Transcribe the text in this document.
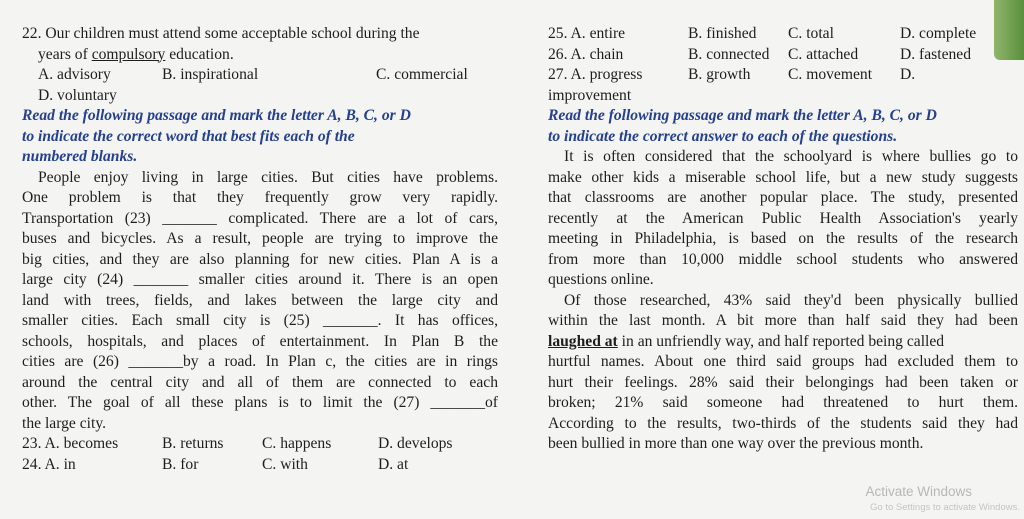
22. Our children must attend some acceptable school during the
years of compulsory education.
A. advisory	B. inspirational	C. commercial
D. voluntary
Read the following passage and mark the letter A, B, C, or D
to indicate the correct word that best fits each of the
numbered blanks.
People enjoy living in large cities. But cities have problems.
One problem is that they frequently grow very rapidly.
Transportation (23) _______ complicated. There are a lot of cars,
buses and bicycles. As a result, people are trying to improve the
big cities, and they are also planning for new cities. Plan A is a
large city (24) _______ smaller cities around it. There is an open
land with trees, fields, and lakes between the large city and
smaller cities. Each small city is (25) _______. It has offices,
schools, hospitals, and places of entertainment. In Plan B the
cities are (26) _______by a road. In Plan c, the cities are in rings
around the central city and all of them are connected to each
other. The goal of all these plans is to limit the (27) _______of
the large city.
23. A. becomes	B. returns C. happens	D. develops
24. A. in	B. for	C. with	D. at
25. A. entire	B. finished C. total	D. complete
26. A. chain	B. connected C. attached	D. fastened
27. A. progress	B. growth C. movement D.
improvement
Read the following passage and mark the letter A, B, C, or D
to indicate the correct answer to each of the questions.
It is often considered that the schoolyard is where bullies go to
make other kids a miserable school life, but a new study suggests
that classrooms are another popular place. The study, presented
recently at the American Public Health Association's yearly
meeting in Philadelphia, is based on the results of the research
from more than 10,000 middle school students who answered
questions online.
Of those researched, 43% said they'd been physically bullied
within the last month. A bit more than half said they had been
laughed at in an unfriendly way, and half reported being called
hurtful names. About one third said groups had excluded them to
hurt their feelings. 28% said their belongings had been taken or
broken; 21% said someone had threatened to hurt them.
According to the results, two-thirds of the students said they had
been bullied in more than one way over the previous month.
Activate Windows
Go to Settings to activate Windows.
